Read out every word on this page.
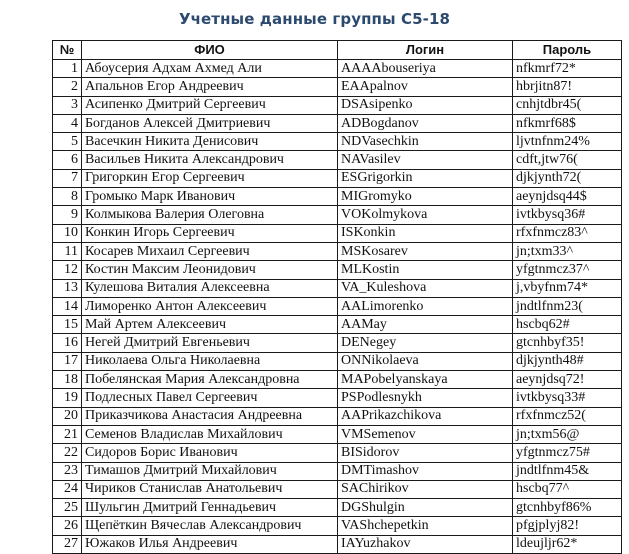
Учетные данные группы С5-18
№	ФИО	Логин	Пароль
1	Абоусерия Адхам Ахмед Али	AAAAbouseriya	nfkmrf72*
2	Апальнов Егор Андреевич	EAApalnov	hbrjitn87!
3	Асипенко Дмитрий Сергеевич	DSAsipenko	cnhjtdbr45(
4	Богданов Алексей Дмитриевич	ADBogdanov	nfkmrf68$
5	Васечкин Никита Денисович	NDVasechkin	ljvtnfnm24%
6	Васильев Никита Александрович	NAVasilev	cdft,jtw76(
7	Григоркин Егор Сергеевич	ESGrigorkin	djkjynth72(
8	Громыко Марк Иванович	MIGromyko	aeynjdsq44$
9	Колмыкова Валерия Олеговна	VOKolmykova	ivtkbysq36#
10	Конкин Игорь Сергеевич	ISKonkin	rfxfnmcz83^
11	Косарев Михаил Сергеевич	MSKosarev	jn;txm33^
12	Костин Максим Леонидович	MLKostin	yfgtnmcz37^
13	Кулешова Виталия Алексеевна	VA_Kuleshova	j,vbyfnm74*
14	Лиморенко Антон Алексеевич	AALimorenko	jndtlfnm23(
15	Май Артем Алексеевич	AAMay	hscbq62#
16	Негей Дмитрий Евгеньевич	DENegey	gtcnhbyf35!
17	Николаева Ольга Николаевна	ONNikolaeva	djkjynth48#
18	Побелянская Мария Александровна	MAPobelyanskaya	aeynjdsq72!
19	Подлесных Павел Сергеевич	PSPodlesnykh	ivtkbysq33#
20	Приказчикова Анастасия Андреевна	AAPrikazchikova	rfxfnmcz52(
21	Семенов Владислав Михайлович	VMSemenov	jn;txm56@
22	Сидоров Борис Иванович	BISidorov	yfgtnmcz75#
23	Тимашов Дмитрий Михайлович	DMTimashov	jndtlfnm45&
24	Чириков Станислав Анатольевич	SAChirikov	hscbq77^
25	Шульгин Дмитрий Геннадьевич	DGShulgin	gtcnhbyf86%
26	Щепёткин Вячеслав Александрович	VAShchepetkin	pfgjplyj82!
27	Южаков Илья Андреевич	IAYuzhakov	ldeujljr62*
